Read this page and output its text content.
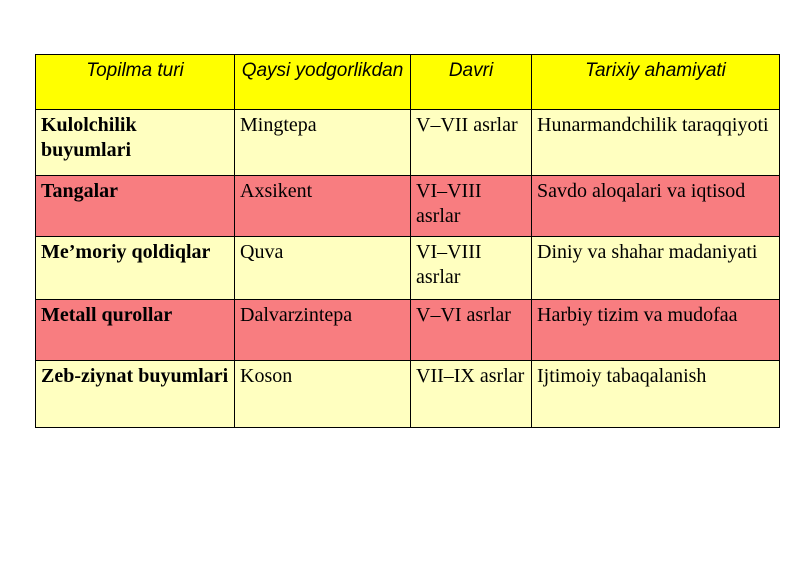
Topilma turi	Qaysi yodgorlikdan	Davri	Tarixiy ahamiyati
Kulolchilik buyumlari	Mingtepa	V–VII asrlar	Hunarmandchilik taraqqiyoti
Tangalar	Axsikent	VI–VIII asrlar	Savdo aloqalari va iqtisod
Me’moriy qoldiqlar	Quva	VI–VIII asrlar	Diniy va shahar madaniyati
Metall qurollar	Dalvarzintepa	V–VI asrlar	Harbiy tizim va mudofaa
Zeb-ziynat buyumlari	Koson	VII–IX asrlar	Ijtimoiy tabaqalanish
